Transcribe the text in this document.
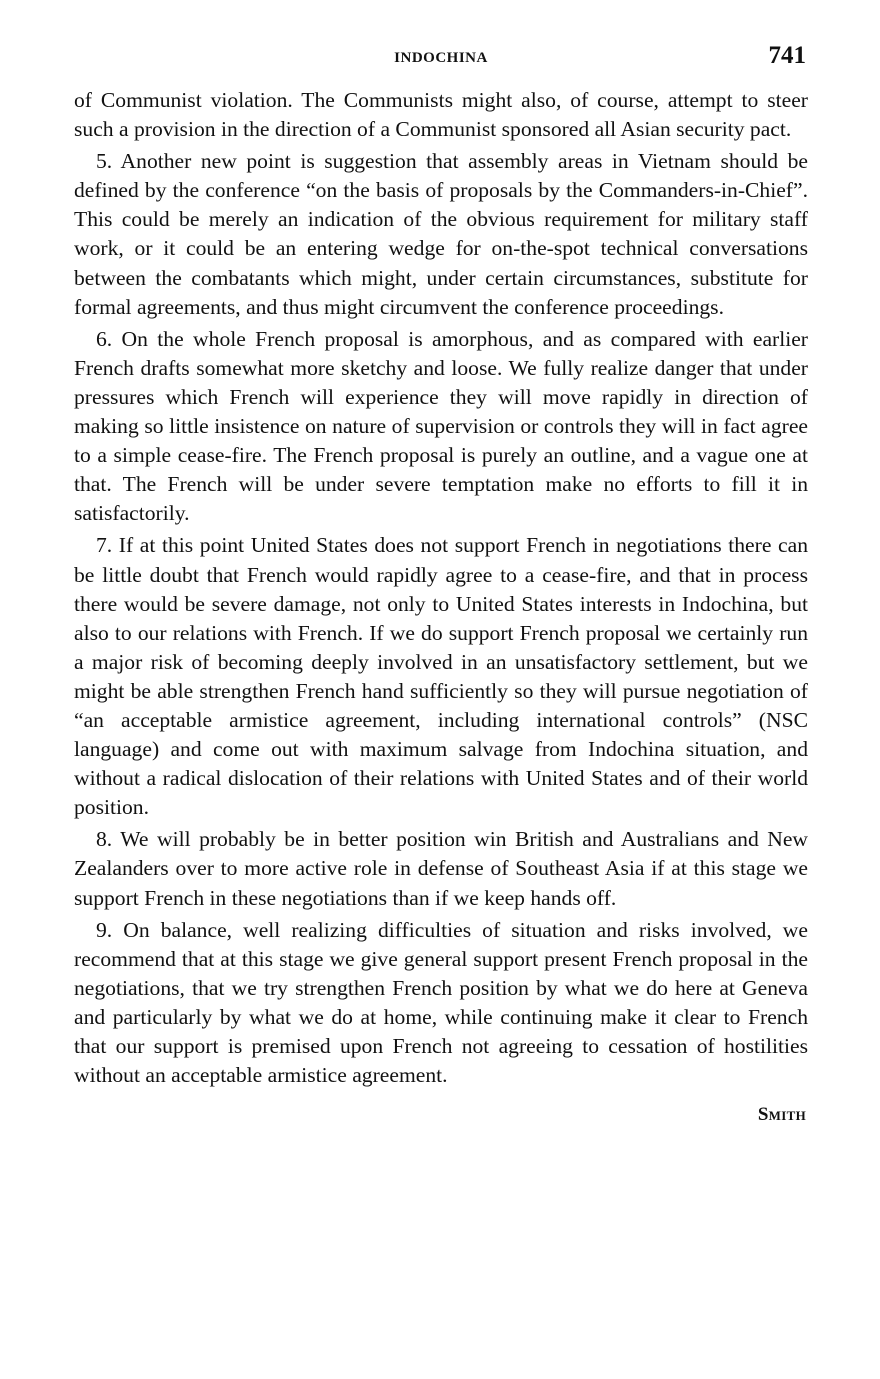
INDOCHINA	741

of Communist violation. The Communists might also, of course, attempt to steer such a provision in the direction of a Communist sponsored all Asian security pact.

5. Another new point is suggestion that assembly areas in Vietnam should be defined by the conference “on the basis of proposals by the Commanders-in-Chief”. This could be merely an indication of the obvious requirement for military staff work, or it could be an entering wedge for on-the-spot technical conversations between the combatants which might, under certain circumstances, substitute for formal agreements, and thus might circumvent the conference proceedings.

6. On the whole French proposal is amorphous, and as compared with earlier French drafts somewhat more sketchy and loose. We fully realize danger that under pressures which French will experience they will move rapidly in direction of making so little insistence on nature of supervision or controls they will in fact agree to a simple cease-fire. The French proposal is purely an outline, and a vague one at that. The French will be under severe temptation make no efforts to fill it in satisfactorily.

7. If at this point United States does not support French in negotiations there can be little doubt that French would rapidly agree to a cease-fire, and that in process there would be severe damage, not only to United States interests in Indochina, but also to our relations with French. If we do support French proposal we certainly run a major risk of becoming deeply involved in an unsatisfactory settlement, but we might be able strengthen French hand sufficiently so they will pursue negotiation of “an acceptable armistice agreement, including international controls” (NSC language) and come out with maximum salvage from Indochina situation, and without a radical dislocation of their relations with United States and of their world position.

8. We will probably be in better position win British and Australians and New Zealanders over to more active role in defense of Southeast Asia if at this stage we support French in these negotiations than if we keep hands off.

9. On balance, well realizing difficulties of situation and risks involved, we recommend that at this stage we give general support present French proposal in the negotiations, that we try strengthen French position by what we do here at Geneva and particularly by what we do at home, while continuing make it clear to French that our support is premised upon French not agreeing to cessation of hostilities without an acceptable armistice agreement.

Smith
